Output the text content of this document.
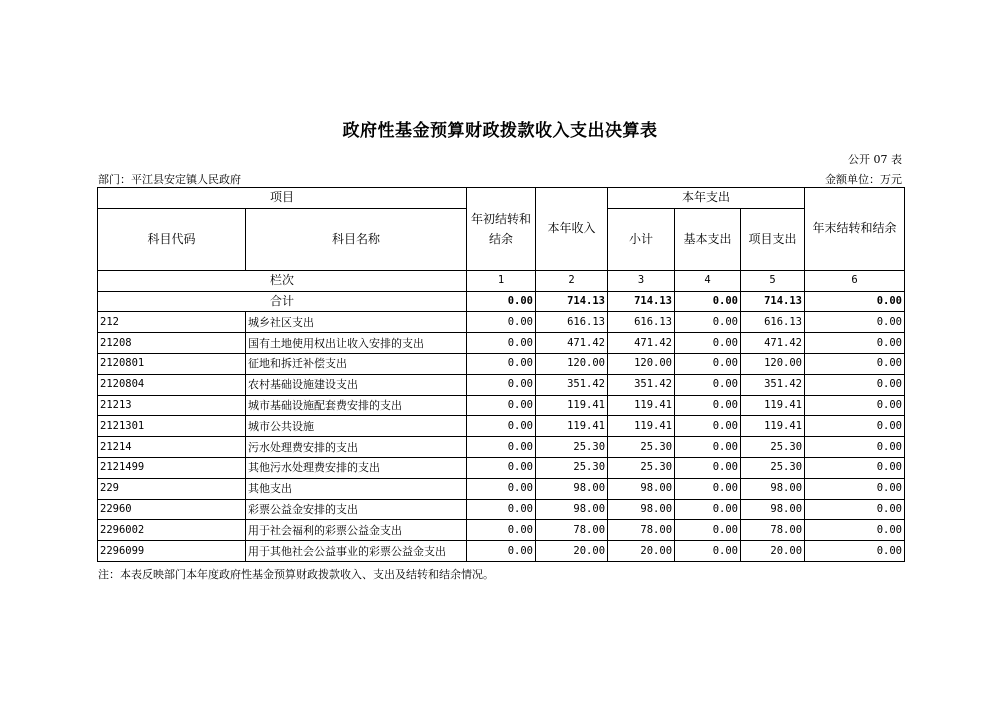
政府性基金预算财政拨款收入支出决算表
公开 07 表
部门：平江县安定镇人民政府	金额单位：万元
项目		年初结转和结余	本年收入	本年支出			年末结转和结余
科目代码	科目名称			小计	基本支出	项目支出	

栏次		1	2	3	4	5	6
合计		0.00	714.13	714.13	0.00	714.13	0.00
212	城乡社区支出	0.00	616.13	616.13	0.00	616.13	0.00
21208	国有土地使用权出让收入安排的支出	0.00	471.42	471.42	0.00	471.42	0.00
2120801	征地和拆迁补偿支出	0.00	120.00	120.00	0.00	120.00	0.00
2120804	农村基础设施建设支出	0.00	351.42	351.42	0.00	351.42	0.00
21213	城市基础设施配套费安排的支出	0.00	119.41	119.41	0.00	119.41	0.00
2121301	城市公共设施	0.00	119.41	119.41	0.00	119.41	0.00
21214	污水处理费安排的支出	0.00	25.30	25.30	0.00	25.30	0.00
2121499	其他污水处理费安排的支出	0.00	25.30	25.30	0.00	25.30	0.00
229	其他支出	0.00	98.00	98.00	0.00	98.00	0.00
22960	彩票公益金安排的支出	0.00	98.00	98.00	0.00	98.00	0.00
2296002	用于社会福利的彩票公益金支出	0.00	78.00	78.00	0.00	78.00	0.00
2296099	用于其他社会公益事业的彩票公益金支出	0.00	20.00	20.00	0.00	20.00	0.00
注：本表反映部门本年度政府性基金预算财政拨款收入、支出及结转和结余情况。
